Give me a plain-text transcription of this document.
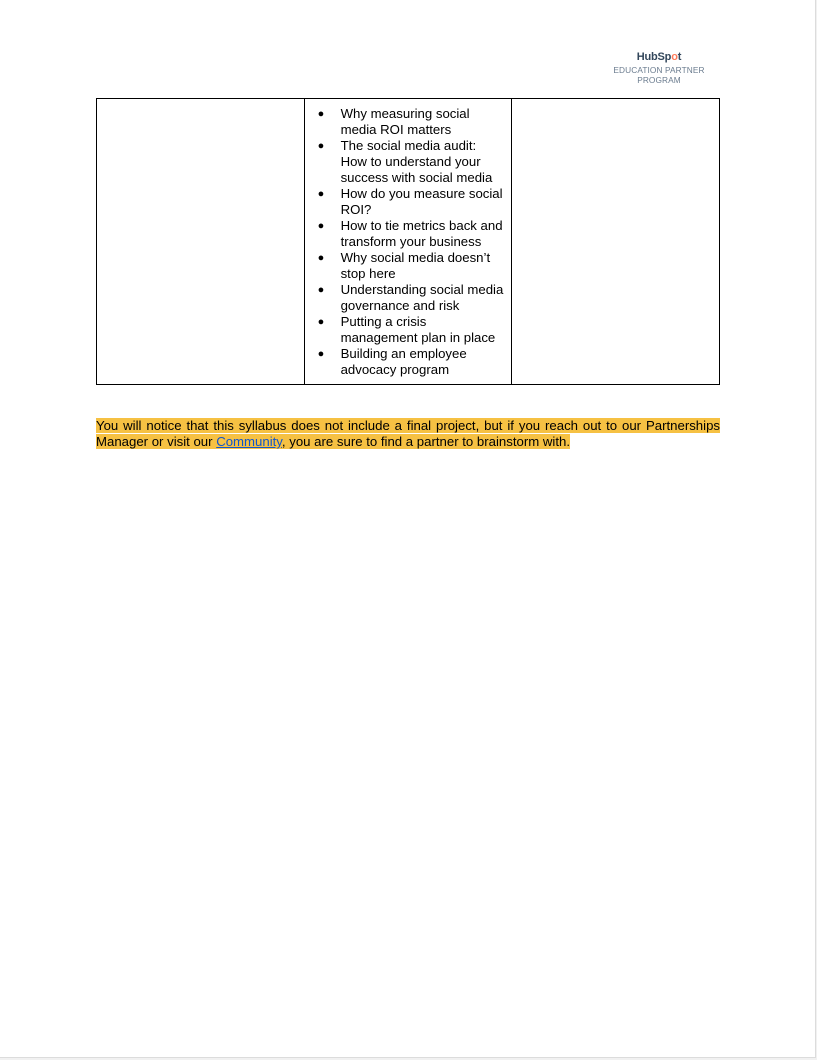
HubSpot
EDUCATION PARTNER
PROGRAM

● Why measuring social media ROI matters
● The social media audit: How to understand your success with social media
● How do you measure social ROI?
● How to tie metrics back and transform your business
● Why social media doesn’t stop here
● Understanding social media governance and risk
● Putting a crisis management plan in place
● Building an employee advocacy program

You will notice that this syllabus does not include a final project, but if you reach out to our Partnerships Manager or visit our Community, you are sure to find a partner to brainstorm with.
